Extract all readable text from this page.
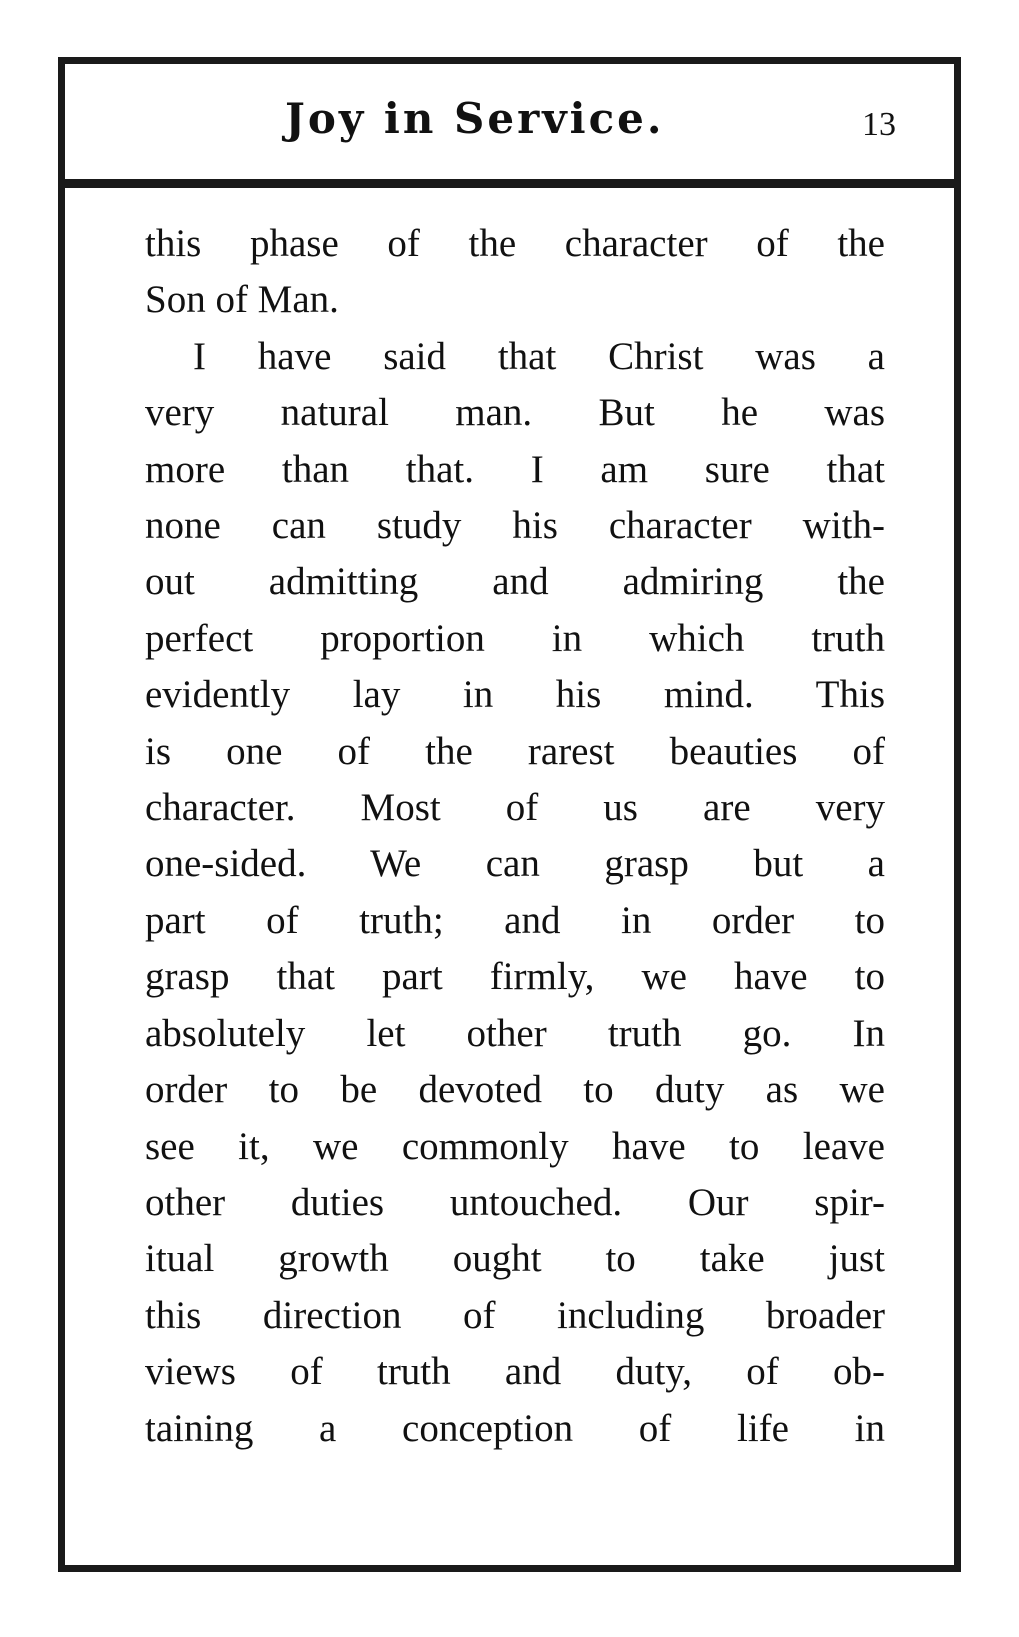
Joy in Service.	13

this phase of the character of the
Son of Man.

I have said that Christ was a
very natural man. But he was
more than that. I am sure that
none can study his character with-
out admitting and admiring the
perfect proportion in which truth
evidently lay in his mind. This
is one of the rarest beauties of
character. Most of us are very
one-sided. We can grasp but a
part of truth; and in order to
grasp that part firmly, we have to
absolutely let other truth go. In
order to be devoted to duty as we
see it, we commonly have to leave
other duties untouched. Our spir-
itual growth ought to take just
this direction of including broader
views of truth and duty, of ob-
taining a conception of life in
